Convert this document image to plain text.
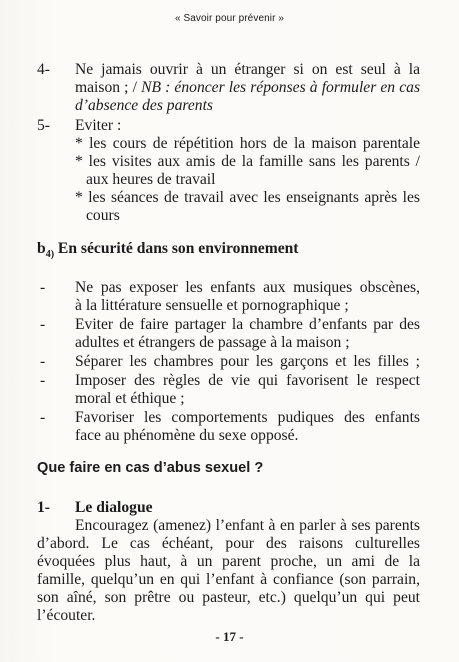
« Savoir pour prévenir »
4- Ne jamais ouvrir à un étranger si on est seul à la
maison ; / NB : énoncer les réponses à formuler en cas
d’absence des parents
5- Eviter :
* les cours de répétition hors de la maison parentale
* les visites aux amis de la famille sans les parents /
aux heures de travail
* les séances de travail avec les enseignants après les
cours
$b_{4)}$ En sécurité dans son environnement
- Ne pas exposer les enfants aux musiques obscènes,
à la littérature sensuelle et pornographique ;
- Eviter de faire partager la chambre d’enfants par des
adultes et étrangers de passage à la maison ;
- Séparer les chambres pour les garçons et les filles ;
- Imposer des règles de vie qui favorisent le respect
moral et éthique ;
- Favoriser les comportements pudiques des enfants
face au phénomène du sexe opposé.
Que faire en cas d’abus sexuel ?
1- Le dialogue
Encouragez (amenez) l’enfant à en parler à ses parents
d’abord. Le cas échéant, pour des raisons culturelles
évoquées plus haut, à un parent proche, un ami de la
famille, quelqu’un en qui l’enfant à confiance (son parrain,
son aîné, son prêtre ou pasteur, etc.) quelqu’un qui peut
l’écouter.
- 17 -
